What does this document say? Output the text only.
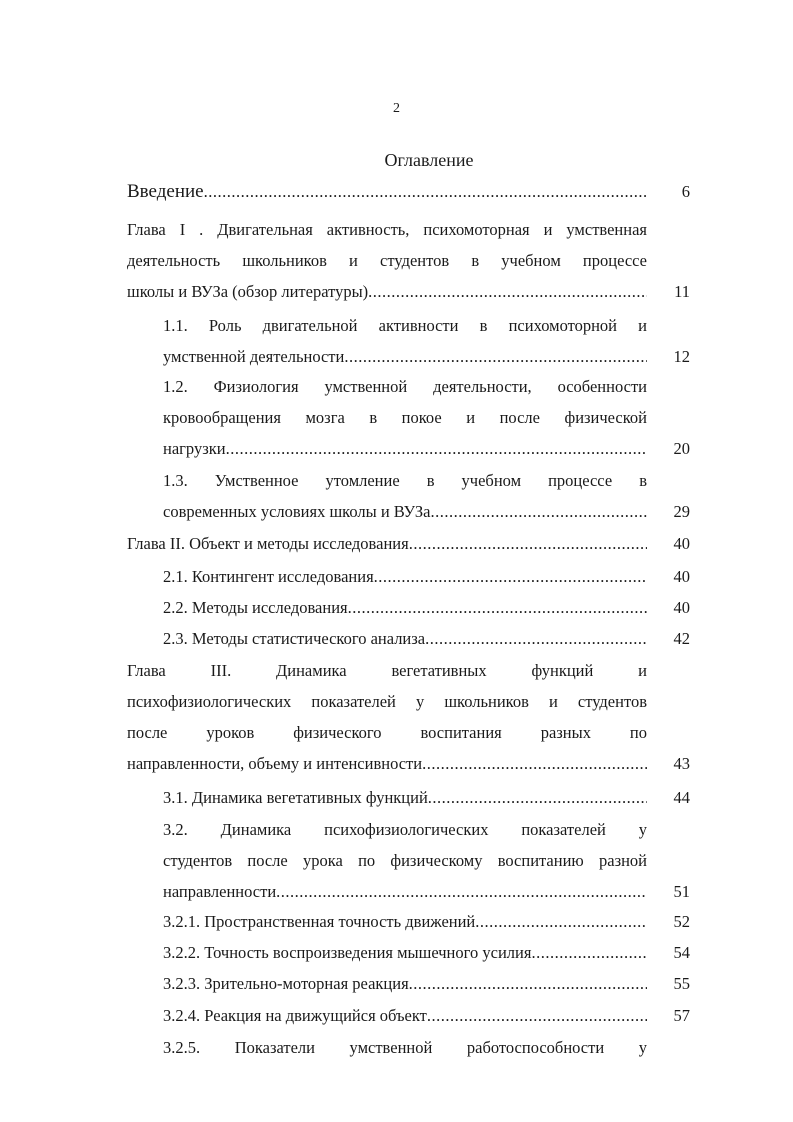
2
Оглавление
Введение .....	6
Глава I . Двигательная активность, психомоторная и умственная
деятельность школьников и студентов в учебном процессе
школы и ВУЗа (обзор литературы) .....	11
1.1. Роль двигательной активности в психомоторной и
умственной деятельности .....	12
1.2. Физиология умственной деятельности, особенности
кровообращения мозга в покое и после физической
нагрузки .....	20
1.3. Умственное утомление в учебном процессе в
современных условиях школы и ВУЗа .....	29
Глава II. Объект и методы исследования .....	40
2.1. Контингент исследования .....	40
2.2. Методы исследования .....	40
2.3. Методы статистического анализа .....	42
Глава III. Динамика вегетативных функций и
психофизиологических показателей у школьников и студентов
после уроков физического воспитания разных по
направленности, объему и интенсивности .....	43
3.1. Динамика вегетативных функций .....	44
3.2. Динамика психофизиологических показателей у
студентов после урока по физическому воспитанию разной
направленности .....	51
3.2.1. Пространственная точность движений .....	52
3.2.2. Точность воспроизведения мышечного усилия .....	54
3.2.3. Зрительно-моторная реакция .....	55
3.2.4. Реакция на движущийся объект .....	57
3.2.5. Показатели умственной работоспособности у
